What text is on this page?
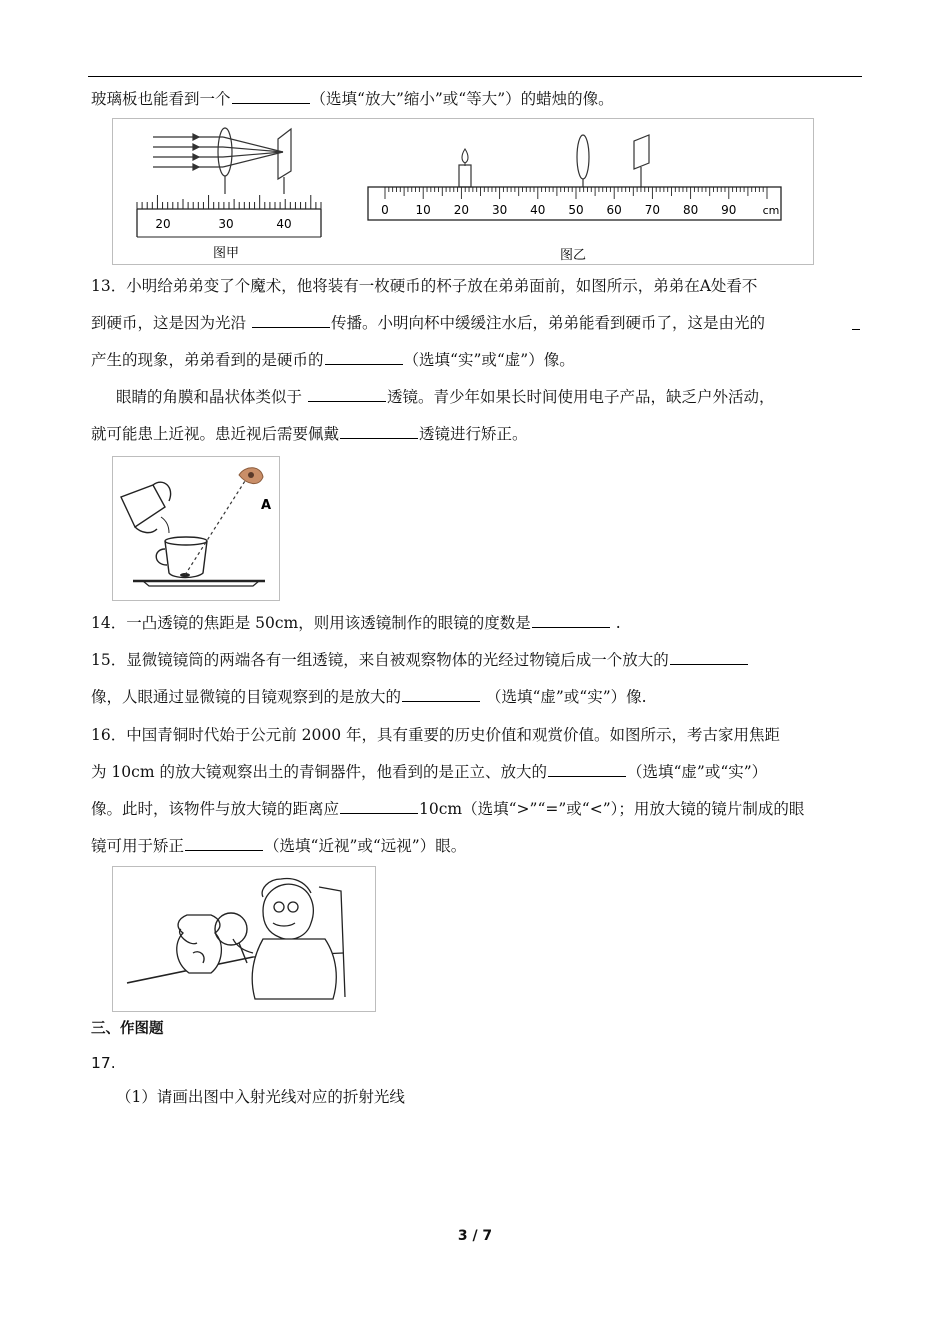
玻璃板也能看到一个	（选填“放大”缩小”或“等大”）的蜡烛的像。
20	30	40
图甲
0 10 20 30 40 50 60 70 80 90 cm
图乙
13．小明给弟弟变了个魔术，他将装有一枚硬币的杯子放在弟弟面前，如图所示，弟弟在A处看不
到硬币，这是因为光沿	传播。小明向杯中缓缓注水后，弟弟能看到硬币了，这是由光的
产生的现象，弟弟看到的是硬币的	（选填“实”或“虚”）像。
眼睛的角膜和晶状体类似于	透镜。青少年如果长时间使用电子产品，缺乏户外活动，
就可能患上近视。患近视后需要佩戴	透镜进行矫正。
A
14．一凸透镜的焦距是 50cm，则用该透镜制作的眼镜的度数是	.
15．显微镜镜筒的两端各有一组透镜，来自被观察物体的光经过物镜后成一个放大的
像，人眼通过显微镜的目镜观察到的是放大的	（选填“虚”或“实”）像.
16．中国青铜时代始于公元前 2000 年，具有重要的历史价值和观赏价值。如图所示，考古家用焦距
为 10cm 的放大镜观察出土的青铜器件，他看到的是正立、放大的	（选填“虚”或“实”）
像。此时，该物件与放大镜的距离应	10cm（选填“>”“=”或“<”）；用放大镜的镜片制成的眼
镜可用于矫正	（选填“近视”或“远视”）眼。
三、作图题
17.
（1）请画出图中入射光线对应的折射光线
3 / 7
